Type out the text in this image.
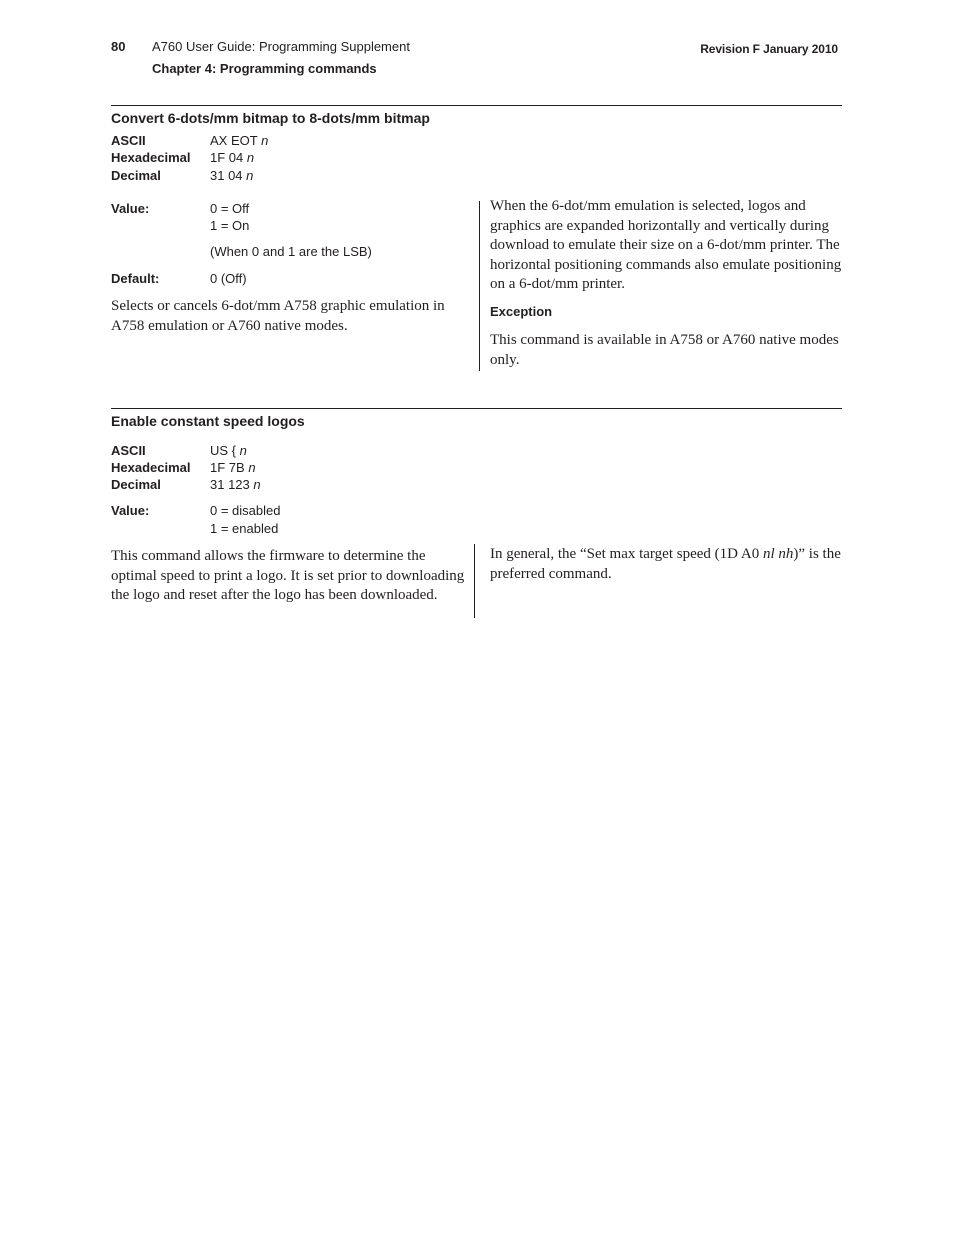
80 A760 User Guide: Programming Supplement
Chapter 4: Programming commands
Revision F January 2010
Convert 6-dots/mm bitmap to 8-dots/mm bitmap
ASCII	AX EOT n
Hexadecimal 1F 04 n
Decimal	31 04 n
Value:	0 = Off
1 = On
(When 0 and 1 are the LSB)
Default:	0 (Off)

Selects or cancels 6-dot/mm A758 graphic emulation in A758 emulation or A760 native modes.

When the 6-dot/mm emulation is selected, logos and graphics are expanded horizontally and vertically during download to emulate their size on a 6-dot/mm printer. The horizontal positioning commands also emulate positioning on a 6-dot/mm printer.

Exception

This command is available in A758 or A760 native modes only.

Enable constant speed logos
ASCII	US { n
Hexadecimal 1F 7B n
Decimal	31 123 n
Value:	0 = disabled
1 = enabled

This command allows the firmware to determine the optimal speed to print a logo. It is set prior to downloading the logo and reset after the logo has been downloaded.

In general, the “Set max target speed (1D A0 nl nh)” is the preferred command.
